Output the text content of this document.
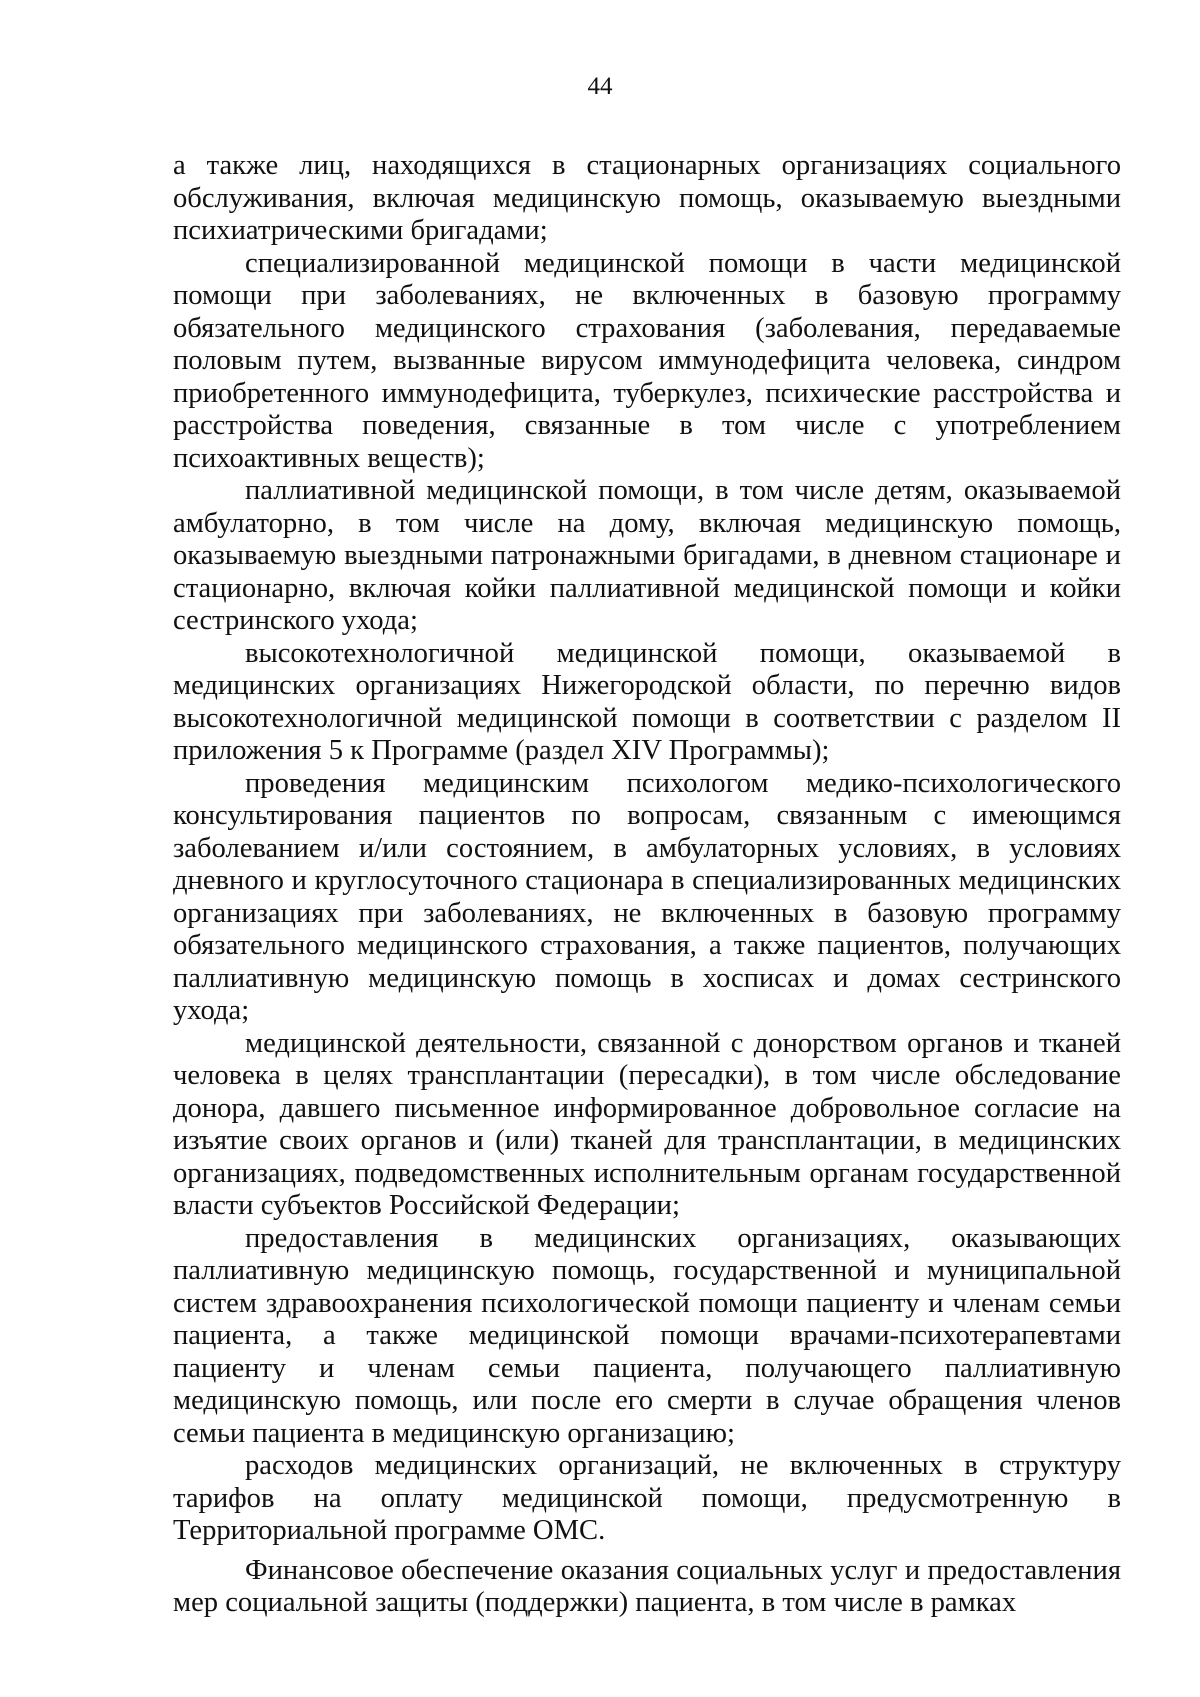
44

а также лиц, находящихся в стационарных организациях социального обслуживания, включая медицинскую помощь, оказываемую выездными психиатрическими бригадами;

специализированной медицинской помощи в части медицинской помощи при заболеваниях, не включенных в базовую программу обязательного медицинского страхования (заболевания, передаваемые половым путем, вызванные вирусом иммунодефицита человека, синдром приобретенного иммунодефицита, туберкулез, психические расстройства и расстройства поведения, связанные в том числе с употреблением психоактивных веществ);

паллиативной медицинской помощи, в том числе детям, оказываемой амбулаторно, в том числе на дому, включая медицинскую помощь, оказываемую выездными патронажными бригадами, в дневном стационаре и стационарно, включая койки паллиативной медицинской помощи и койки сестринского ухода;

высокотехнологичной медицинской помощи, оказываемой в медицинских организациях Нижегородской области, по перечню видов высокотехнологичной медицинской помощи в соответствии с разделом II приложения 5 к Программе (раздел XIV Программы);

проведения медицинским психологом медико-психологического консультирования пациентов по вопросам, связанным с имеющимся заболеванием и/или состоянием, в амбулаторных условиях, в условиях дневного и круглосуточного стационара в специализированных медицинских организациях при заболеваниях, не включенных в базовую программу обязательного медицинского страхования, а также пациентов, получающих паллиативную медицинскую помощь в хосписах и домах сестринского ухода;

медицинской деятельности, связанной с донорством органов и тканей человека в целях трансплантации (пересадки), в том числе обследование донора, давшего письменное информированное добровольное согласие на изъятие своих органов и (или) тканей для трансплантации, в медицинских организациях, подведомственных исполнительным органам государственной власти субъектов Российской Федерации;

предоставления в медицинских организациях, оказывающих паллиативную медицинскую помощь, государственной и муниципальной систем здравоохранения психологической помощи пациенту и членам семьи пациента, а также медицинской помощи врачами-психотерапевтами пациенту и членам семьи пациента, получающего паллиативную медицинскую помощь, или после его смерти в случае обращения членов семьи пациента в медицинскую организацию;

расходов медицинских организаций, не включенных в структуру тарифов на оплату медицинской помощи, предусмотренную в Территориальной программе ОМС.

Финансовое обеспечение оказания социальных услуг и предоставления мер социальной защиты (поддержки) пациента, в том числе в рамках
